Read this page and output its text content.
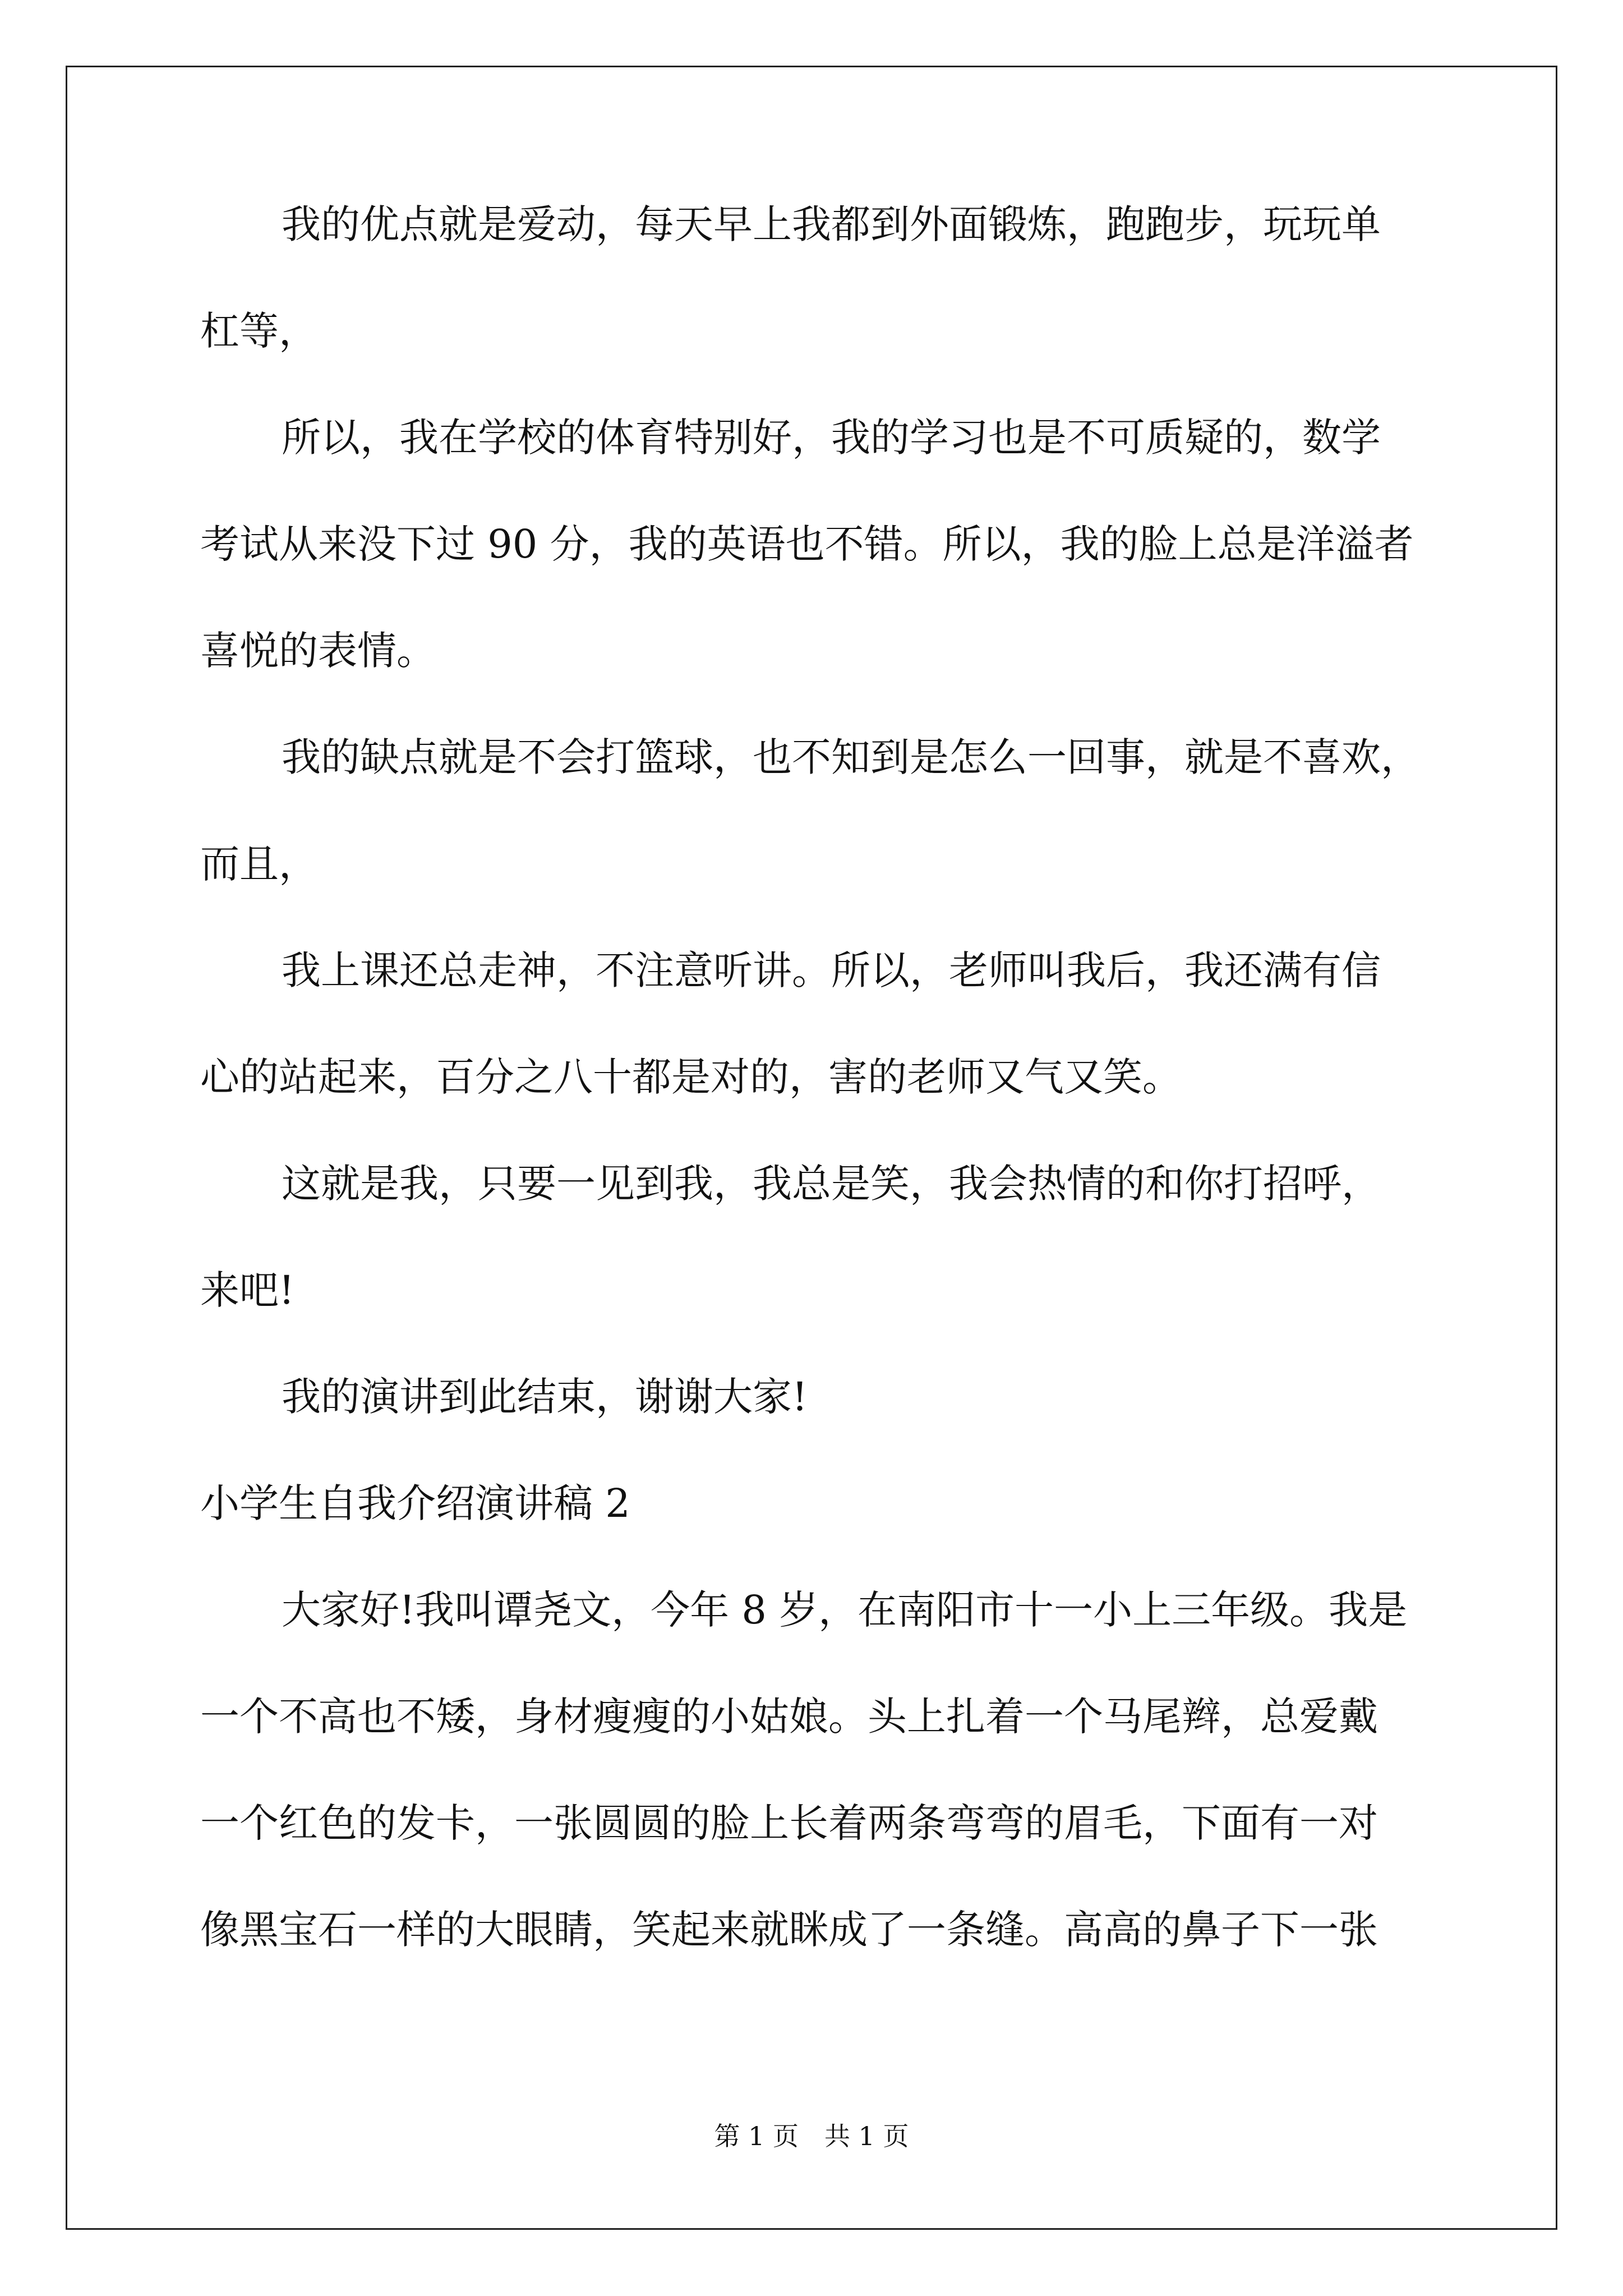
我的优点就是爱动，每天早上我都到外面锻炼，跑跑步，玩玩单
杠等，
所以，我在学校的体育特别好，我的学习也是不可质疑的，数学
考试从来没下过 90 分，我的英语也不错。所以，我的脸上总是洋溢者
喜悦的表情。
我的缺点就是不会打篮球，也不知到是怎么一回事，就是不喜欢，
而且，
我上课还总走神，不注意听讲。所以，老师叫我后，我还满有信
心的站起来，百分之八十都是对的，害的老师又气又笑。
这就是我，只要一见到我，我总是笑，我会热情的和你打招呼，
来吧!
我的演讲到此结束，谢谢大家!
小学生自我介绍演讲稿 2
大家好!我叫谭尧文，今年 8 岁，在南阳市十一小上三年级。我是
一个不高也不矮，身材瘦瘦的小姑娘。头上扎着一个马尾辫，总爱戴
一个红色的发卡，一张圆圆的脸上长着两条弯弯的眉毛，下面有一对
像黑宝石一样的大眼睛，笑起来就眯成了一条缝。高高的鼻子下一张
第 1 页　共 1 页
